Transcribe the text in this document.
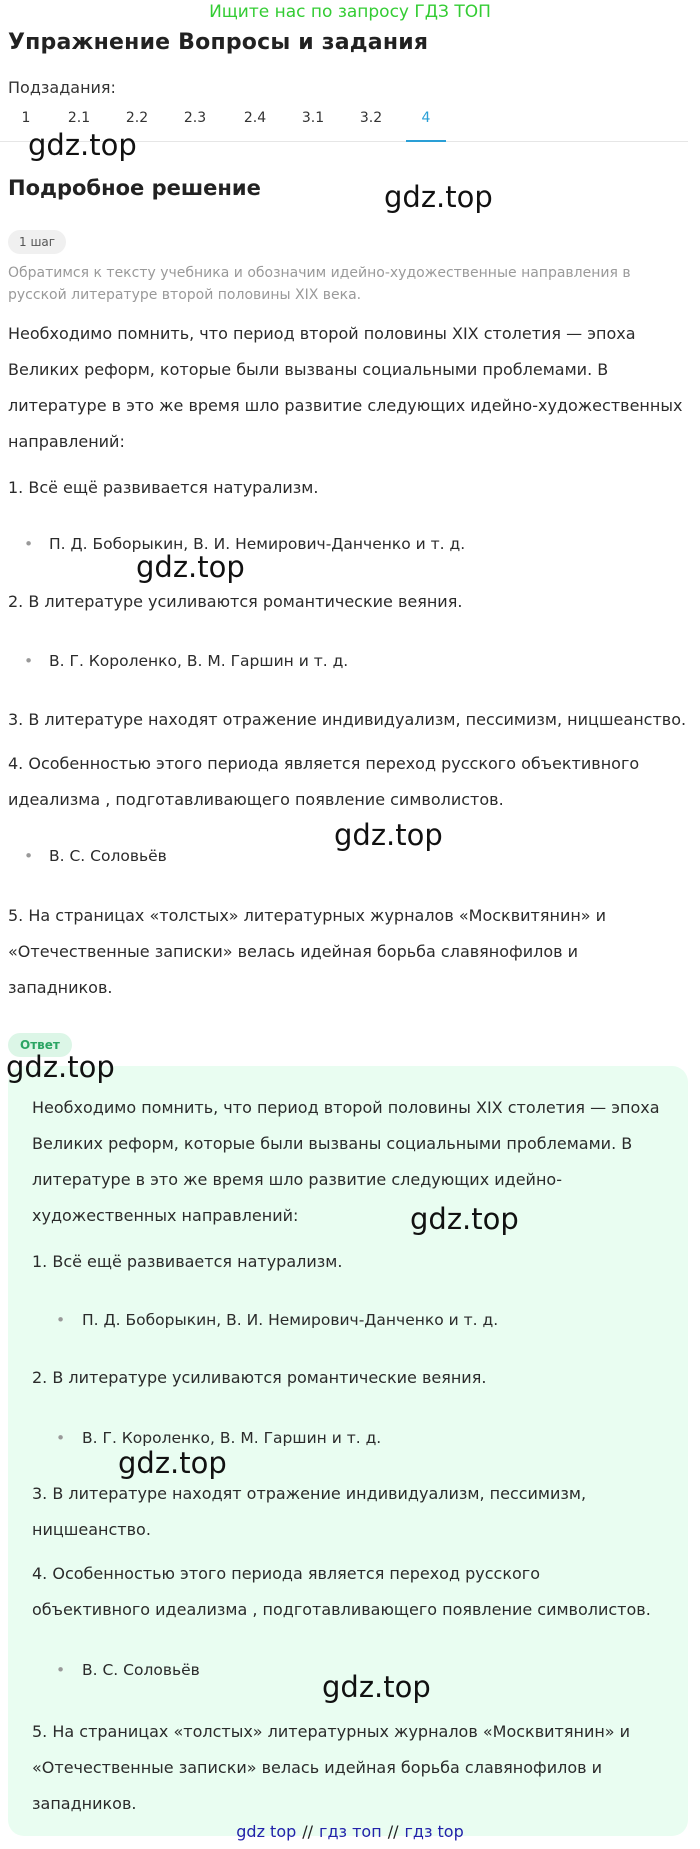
Ищите нас по запросу ГДЗ ТОП
Упражнение Вопросы и задания
Подзадания:
1	2.1	2.2	2.3	2.4	3.1	3.2	4
gdz.top
Подробное решение	gdz.top
1 шаг
Обратимся к тексту учебника и обозначим идейно-художественные направления в русской литературе второй половины XIX века.

Необходимо помнить, что период второй половины XIX столетия — эпоха

Великих реформ, которые были вызваны социальными проблемами. В

литературе в это же время шло развитие следующих идейно-художественных

направлений:

1. Всё ещё развивается натурализм.

• П. Д. Боборыкин, В. И. Немирович-Данченко и т. д.

2. В литературе усиливаются романтические веяния.

• В. Г. Короленко, В. М. Гаршин и т. д.

3. В литературе находят отражение индивидуализм, пессимизм, ницшеанство.

4. Особенностью этого периода является переход русского объективного

идеализма , подготавливающего появление символистов.

• В. С. Соловьёв

5. На страницах «толстых» литературных журналов «Москвитянин» и

«Отечественные записки» велась идейная борьба славянофилов и

западников.

gdz.top
gdz.top
Ответ

Необходимо помнить, что период второй половины XIX столетия — эпоха

Великих реформ, которые были вызваны социальными проблемами. В

литературе в это же время шло развитие следующих идейно-

художественных направлений:

1. Всё ещё развивается натурализм.

• П. Д. Боборыкин, В. И. Немирович-Данченко и т. д.

2. В литературе усиливаются романтические веяния.

• В. Г. Короленко, В. М. Гаршин и т. д.

3. В литературе находят отражение индивидуализм, пессимизм,

ницшеанство.

4. Особенностью этого периода является переход русского

объективного идеализма , подготавливающего появление символистов.

• В. С. Соловьёв

5. На страницах «толстых» литературных журналов «Москвитянин» и

«Отечественные записки» велась идейная борьба славянофилов и

западников.

gdz.top
gdz.top
gdz.top
gdz.top
gdz top // гдз топ // гдз top
